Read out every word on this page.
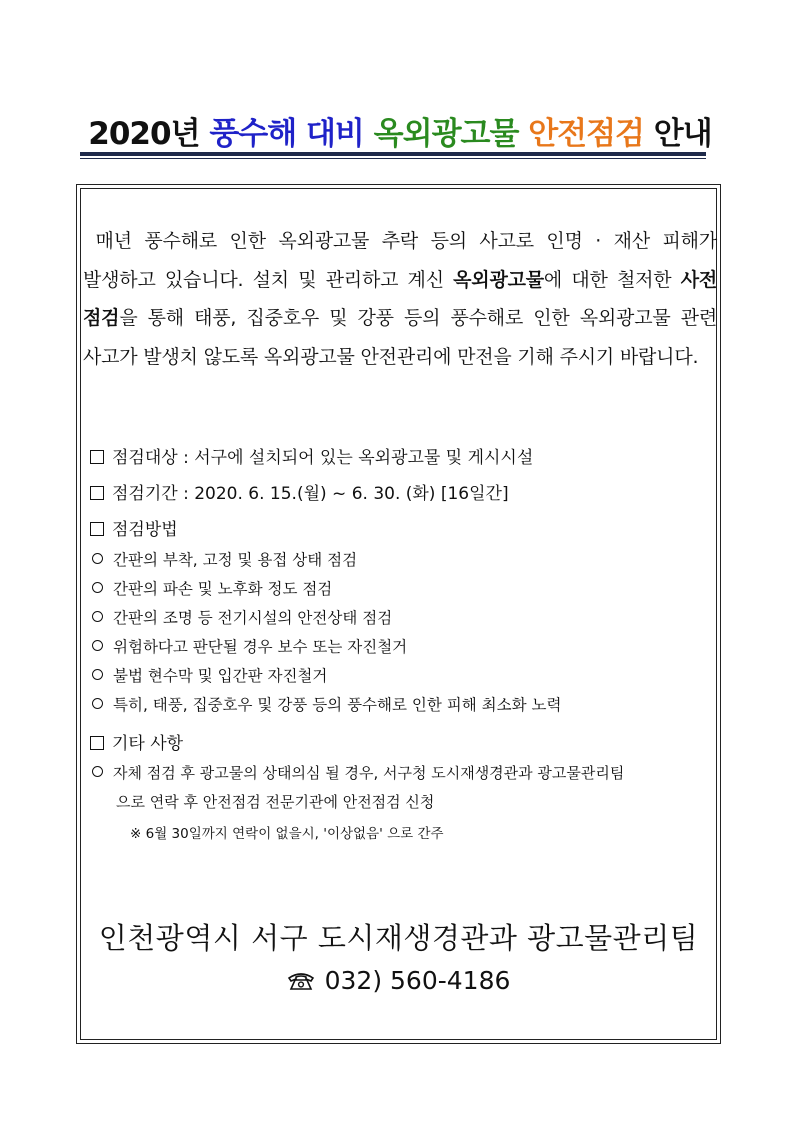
2020년 풍수해 대비 옥외광고물 안전점검 안내
매년 풍수해로 인한 옥외광고물 추락 등의 사고로 인명 · 재산 피해가 발생하고 있습니다. 설치 및 관리하고 계신 옥외광고물에 대한 철저한 사전 점검을 통해 태풍, 집중호우 및 강풍 등의 풍수해로 인한 옥외광고물 관련 사고가 발생치 않도록 옥외광고물 안전관리에 만전을 기해 주시기 바랍니다.
점검대상 : 서구에 설치되어 있는 옥외광고물 및 게시시설
점검기간 : 2020. 6. 15.(월) ~ 6. 30. (화) [16일간]
점검방법
간판의 부착, 고정 및 용접 상태 점검
간판의 파손 및 노후화 정도 점검
간판의 조명 등 전기시설의 안전상태 점검
위험하다고 판단될 경우 보수 또는 자진철거
불법 현수막 및 입간판 자진철거
특히, 태풍, 집중호우 및 강풍 등의 풍수해로 인한 피해 최소화 노력
기타 사항
자체 점검 후 광고물의 상태의심 될 경우, 서구청 도시재생경관과 광고물관리팀
으로 연락 후 안전점검 전문기관에 안전점검 신청
※ 6월 30일까지 연락이 없을시, '이상없음' 으로 간주
인천광역시 서구 도시재생경관과 광고물관리팀
032) 560-4186
